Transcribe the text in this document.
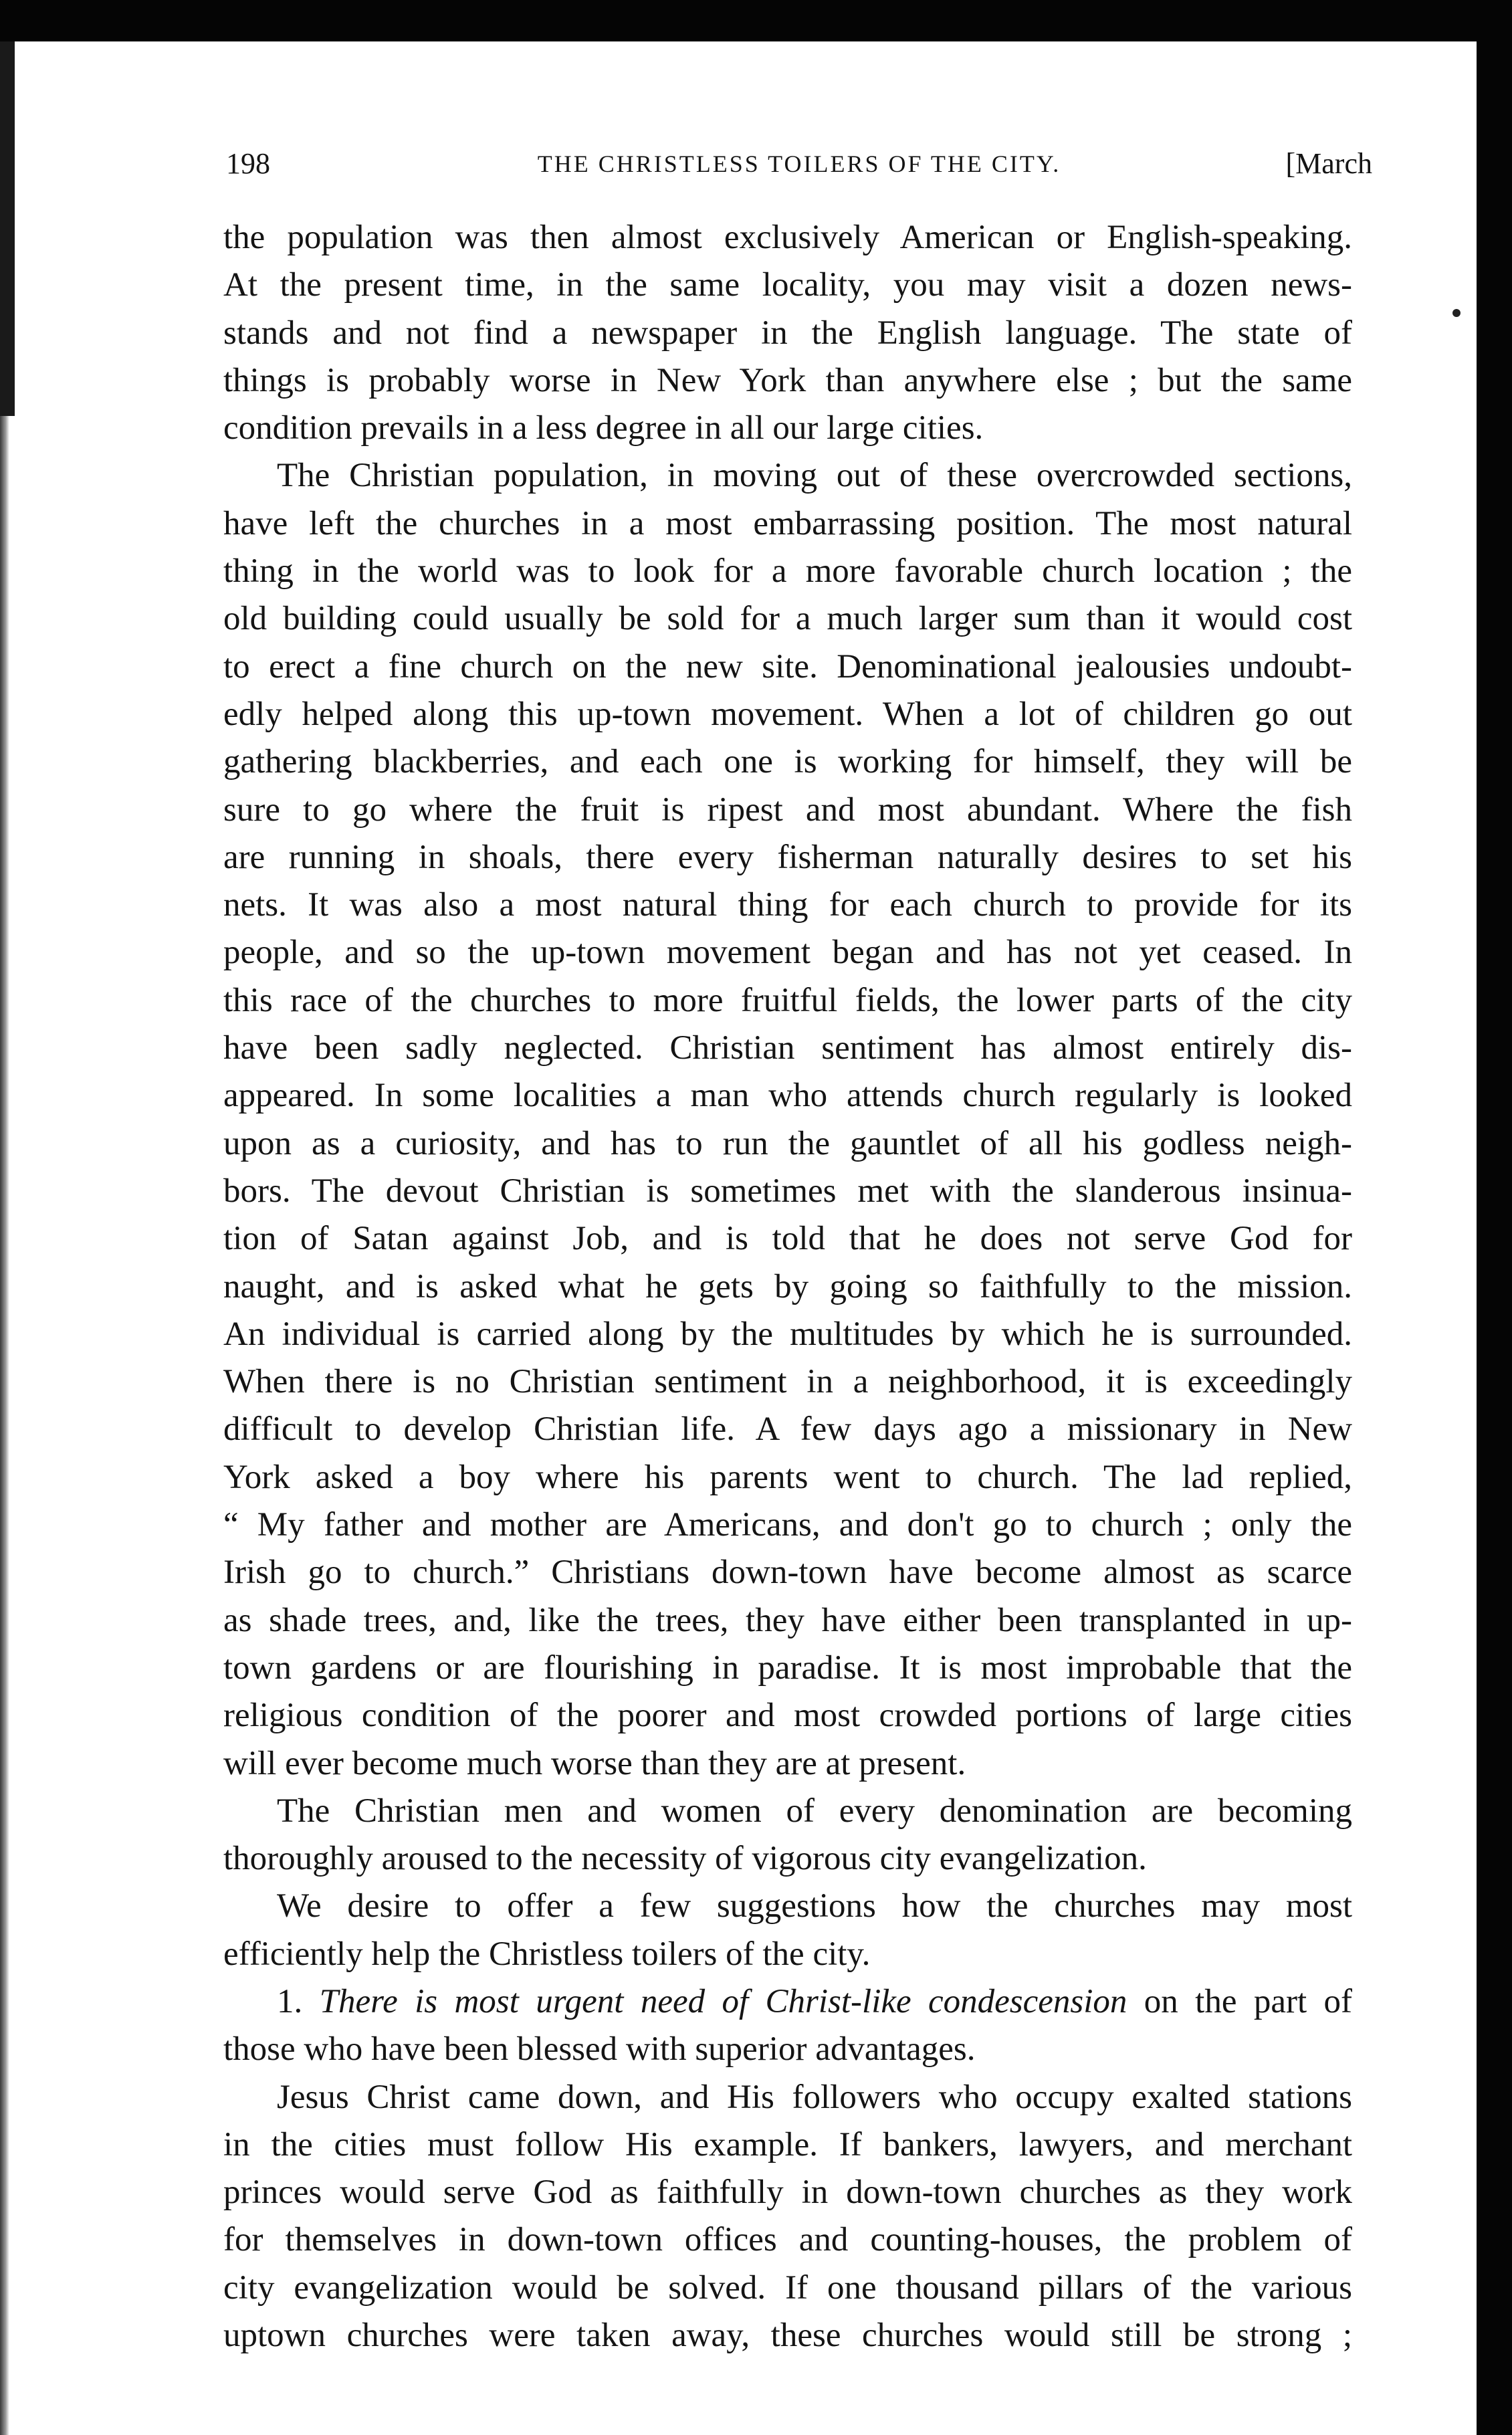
198	THE CHRISTLESS TOILERS OF THE CITY.	[March
the population was then almost exclusively American or English-speaking.
At the present time, in the same locality, you may visit a dozen news-
stands and not find a newspaper in the English language. The state of
things is probably worse in New York than anywhere else ; but the same
condition prevails in a less degree in all our large cities.
The Christian population, in moving out of these overcrowded sections,
have left the churches in a most embarrassing position. The most natural
thing in the world was to look for a more favorable church location ; the
old building could usually be sold for a much larger sum than it would cost
to erect a fine church on the new site. Denominational jealousies undoubt-
edly helped along this up-town movement. When a lot of children go out
gathering blackberries, and each one is working for himself, they will be
sure to go where the fruit is ripest and most abundant. Where the fish
are running in shoals, there every fisherman naturally desires to set his
nets. It was also a most natural thing for each church to provide for its
people, and so the up-town movement began and has not yet ceased. In
this race of the churches to more fruitful fields, the lower parts of the city
have been sadly neglected. Christian sentiment has almost entirely dis-
appeared. In some localities a man who attends church regularly is looked
upon as a curiosity, and has to run the gauntlet of all his godless neigh-
bors. The devout Christian is sometimes met with the slanderous insinua-
tion of Satan against Job, and is told that he does not serve God for
naught, and is asked what he gets by going so faithfully to the mission.
An individual is carried along by the multitudes by which he is surrounded.
When there is no Christian sentiment in a neighborhood, it is exceedingly
difficult to develop Christian life. A few days ago a missionary in New
York asked a boy where his parents went to church. The lad replied,
“ My father and mother are Americans, and don't go to church ; only the
Irish go to church.” Christians down-town have become almost as scarce
as shade trees, and, like the trees, they have either been transplanted in up-
town gardens or are flourishing in paradise. It is most improbable that the
religious condition of the poorer and most crowded portions of large cities
will ever become much worse than they are at present.
The Christian men and women of every denomination are becoming
thoroughly aroused to the necessity of vigorous city evangelization.
We desire to offer a few suggestions how the churches may most
efficiently help the Christless toilers of the city.
1. There is most urgent need of Christ-like condescension on the part of
those who have been blessed with superior advantages.
Jesus Christ came down, and His followers who occupy exalted stations
in the cities must follow His example. If bankers, lawyers, and merchant
princes would serve God as faithfully in down-town churches as they work
for themselves in down-town offices and counting-houses, the problem of
city evangelization would be solved. If one thousand pillars of the various
uptown churches were taken away, these churches would still be strong ;
